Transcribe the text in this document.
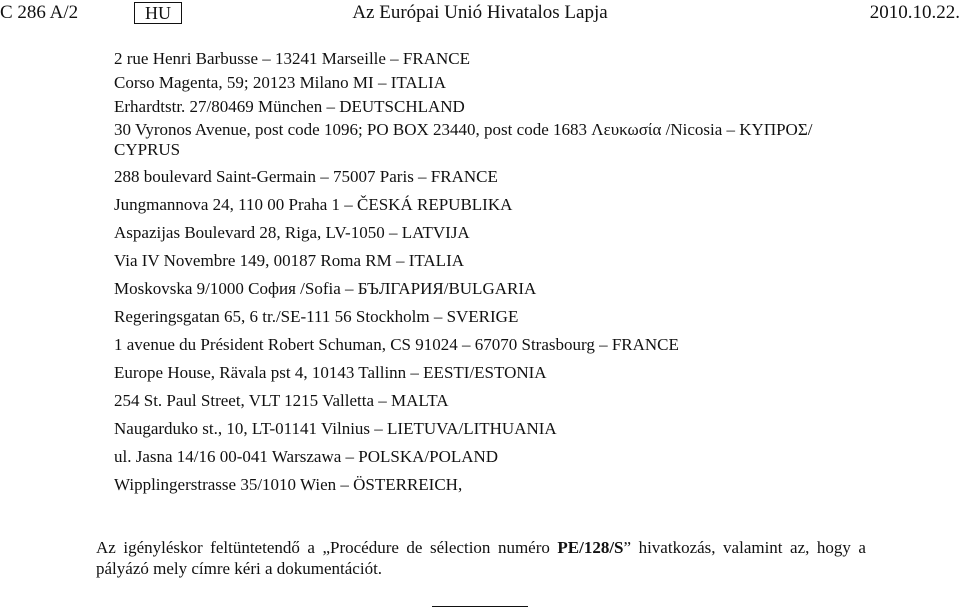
C 286 A/2	HU	Az Európai Unió Hivatalos Lapja	2010.10.22.
2 rue Henri Barbusse – 13241 Marseille – FRANCE
Corso Magenta, 59; 20123 Milano MI – ITALIA
Erhardtstr. 27/80469 München – DEUTSCHLAND
30 Vyronos Avenue, post code 1096; PO BOX 23440, post code 1683 Λευκωσία /Nicosia – ΚΥΠΡΟΣ/ CYPRUS
288 boulevard Saint-Germain – 75007 Paris – FRANCE
Jungmannova 24, 110 00 Praha 1 – ČESKÁ REPUBLIKA
Aspazijas Boulevard 28, Riga, LV-1050 – LATVIJA
Via IV Novembre 149, 00187 Roma RM – ITALIA
Moskovska 9/1000 София /Sofia – БЪЛГАРИЯ/BULGARIA
Regeringsgatan 65, 6 tr./SE-111 56 Stockholm – SVERIGE
1 avenue du Président Robert Schuman, CS 91024 – 67070 Strasbourg – FRANCE
Europe House, Rävala pst 4, 10143 Tallinn – EESTI/ESTONIA
254 St. Paul Street, VLT 1215 Valletta – MALTA
Naugarduko st., 10, LT-01141 Vilnius – LIETUVA/LITHUANIA
ul. Jasna 14/16 00-041 Warszawa – POLSKA/POLAND
Wipplingerstrasse 35/1010 Wien – ÖSTERREICH,

Az igényléskor feltüntetendő a „Procédure de sélection numéro PE/128/S” hivatkozás, valamint az, hogy a pályázó mely címre kéri a dokumentációt.
